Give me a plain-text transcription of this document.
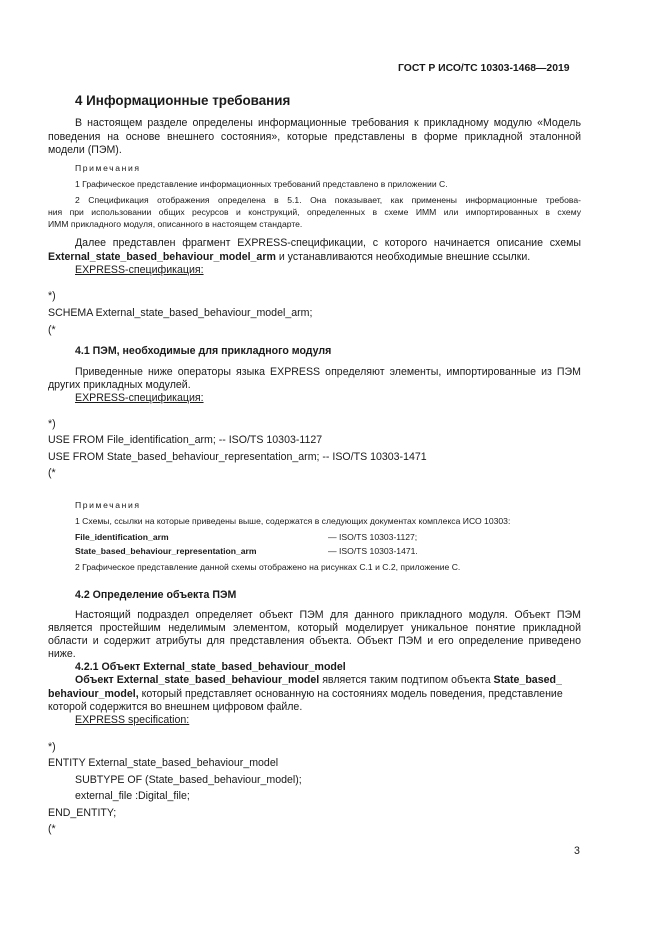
ГОСТ Р ИСО/ТС 10303-1468—2019
4 Информационные требования
В настоящем разделе определены информационные требования к прикладному модулю «Модель
поведения на основе внешнего состояния», которые представлены в форме прикладной эталонной
модели (ПЭМ).
Примечания
1 Графическое представление информационных требований представлено в приложении С.
2 Спецификация отображения определена в 5.1. Она показывает, как применены информационные требова-
ния при использовании общих ресурсов и конструкций, определенных в схеме ИММ или импортированных в схему
ИММ прикладного модуля, описанного в настоящем стандарте.
Далее представлен фрагмент EXPRESS-спецификации, с которого начинается описание схемы
External_state_based_behaviour_model_arm и устанавливаются необходимые внешние ссылки.
EXPRESS-спецификация:
*)
SCHEMA External_state_based_behaviour_model_arm;
(*
4.1 ПЭМ, необходимые для прикладного модуля
Приведенные ниже операторы языка EXPRESS определяют элементы, импортированные из ПЭМ
других прикладных модулей.
EXPRESS-спецификация:
*)
USE FROM File_identification_arm; -- ISO/TS 10303-1127
USE FROM State_based_behaviour_representation_arm; -- ISO/TS 10303-1471
(*
Примечания
1 Схемы, ссылки на которые приведены выше, содержатся в следующих документах комплекса ИСО 10303:
File_identification_arm	— ISO/TS 10303-1127;
State_based_behaviour_representation_arm	— ISO/TS 10303-1471.
2 Графическое представление данной схемы отображено на рисунках С.1 и С.2, приложение С.
4.2 Определение объекта ПЭМ
Настоящий подраздел определяет объект ПЭМ для данного прикладного модуля. Объект ПЭМ
является простейшим неделимым элементом, который моделирует уникальное понятие прикладной
области и содержит атрибуты для представления объекта. Объект ПЭМ и его определение приведено
ниже.
4.2.1 Объект External_state_based_behaviour_model
Объект External_state_based_behaviour_model является таким подтипом объекта State_based_
behaviour_model, который представляет основанную на состояниях модель поведения, представление
которой содержится во внешнем цифровом файле.
EXPRESS specification:
*)
ENTITY External_state_based_behaviour_model
SUBTYPE OF (State_based_behaviour_model);
external_file :Digital_file;
END_ENTITY;
(*
3
